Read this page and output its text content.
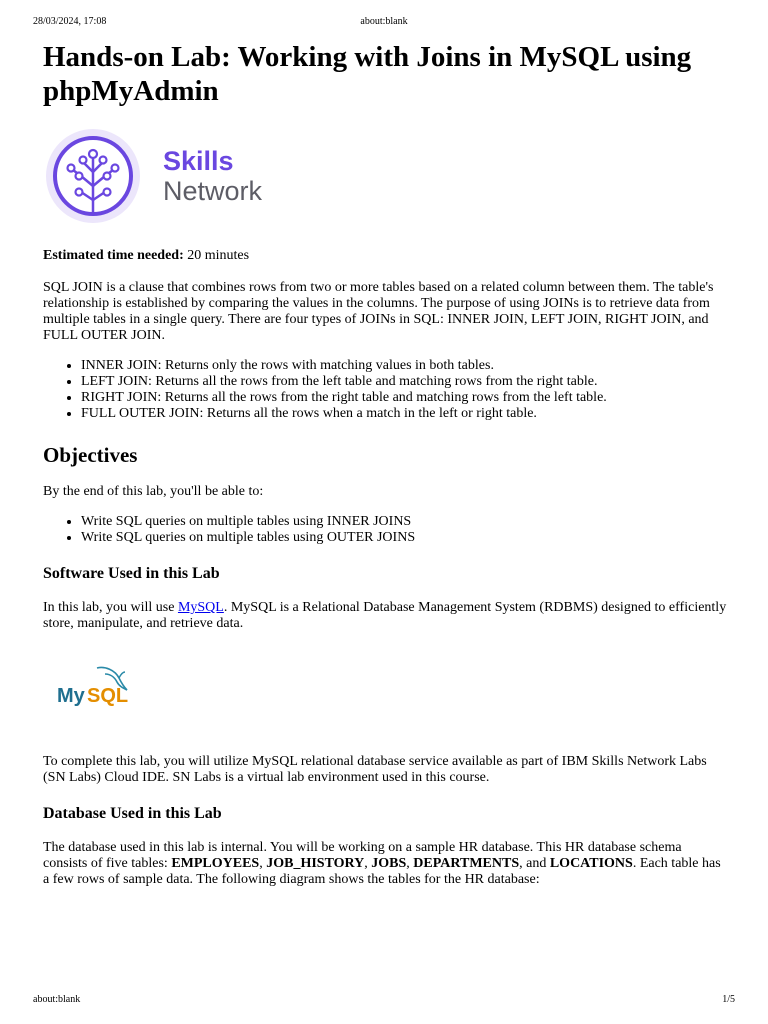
28/03/2024, 17:08	about:blank
Hands-on Lab: Working with Joins in MySQL using phpMyAdmin
Skills
Network

Estimated time needed: 20 minutes

SQL JOIN is a clause that combines rows from two or more tables based on a related column between them. The table's relationship is established by comparing the values in the columns. The purpose of using JOINs is to retrieve data from multiple tables in a single query. There are four types of JOINs in SQL: INNER JOIN, LEFT JOIN, RIGHT JOIN, and FULL OUTER JOIN.

• INNER JOIN: Returns only the rows with matching values in both tables.
• LEFT JOIN: Returns all the rows from the left table and matching rows from the right table.
• RIGHT JOIN: Returns all the rows from the right table and matching rows from the left table.
• FULL OUTER JOIN: Returns all the rows when a match in the left or right table.
Objectives

By the end of this lab, you'll be able to:

• Write SQL queries on multiple tables using INNER JOINS
• Write SQL queries on multiple tables using OUTER JOINS
Software Used in this Lab

In this lab, you will use MySQL. MySQL is a Relational Database Management System (RDBMS) designed to efficiently store, manipulate, and retrieve data.

My SQL

To complete this lab, you will utilize MySQL relational database service available as part of IBM Skills Network Labs (SN Labs) Cloud IDE. SN Labs is a virtual lab environment used in this course.

Database Used in this Lab

The database used in this lab is internal. You will be working on a sample HR database. This HR database schema consists of five tables: EMPLOYEES, JOB_HISTORY, JOBS, DEPARTMENTS, and LOCATIONS. Each table has a few rows of sample data. The following diagram shows the tables for the HR database:

about:blank	1/5
